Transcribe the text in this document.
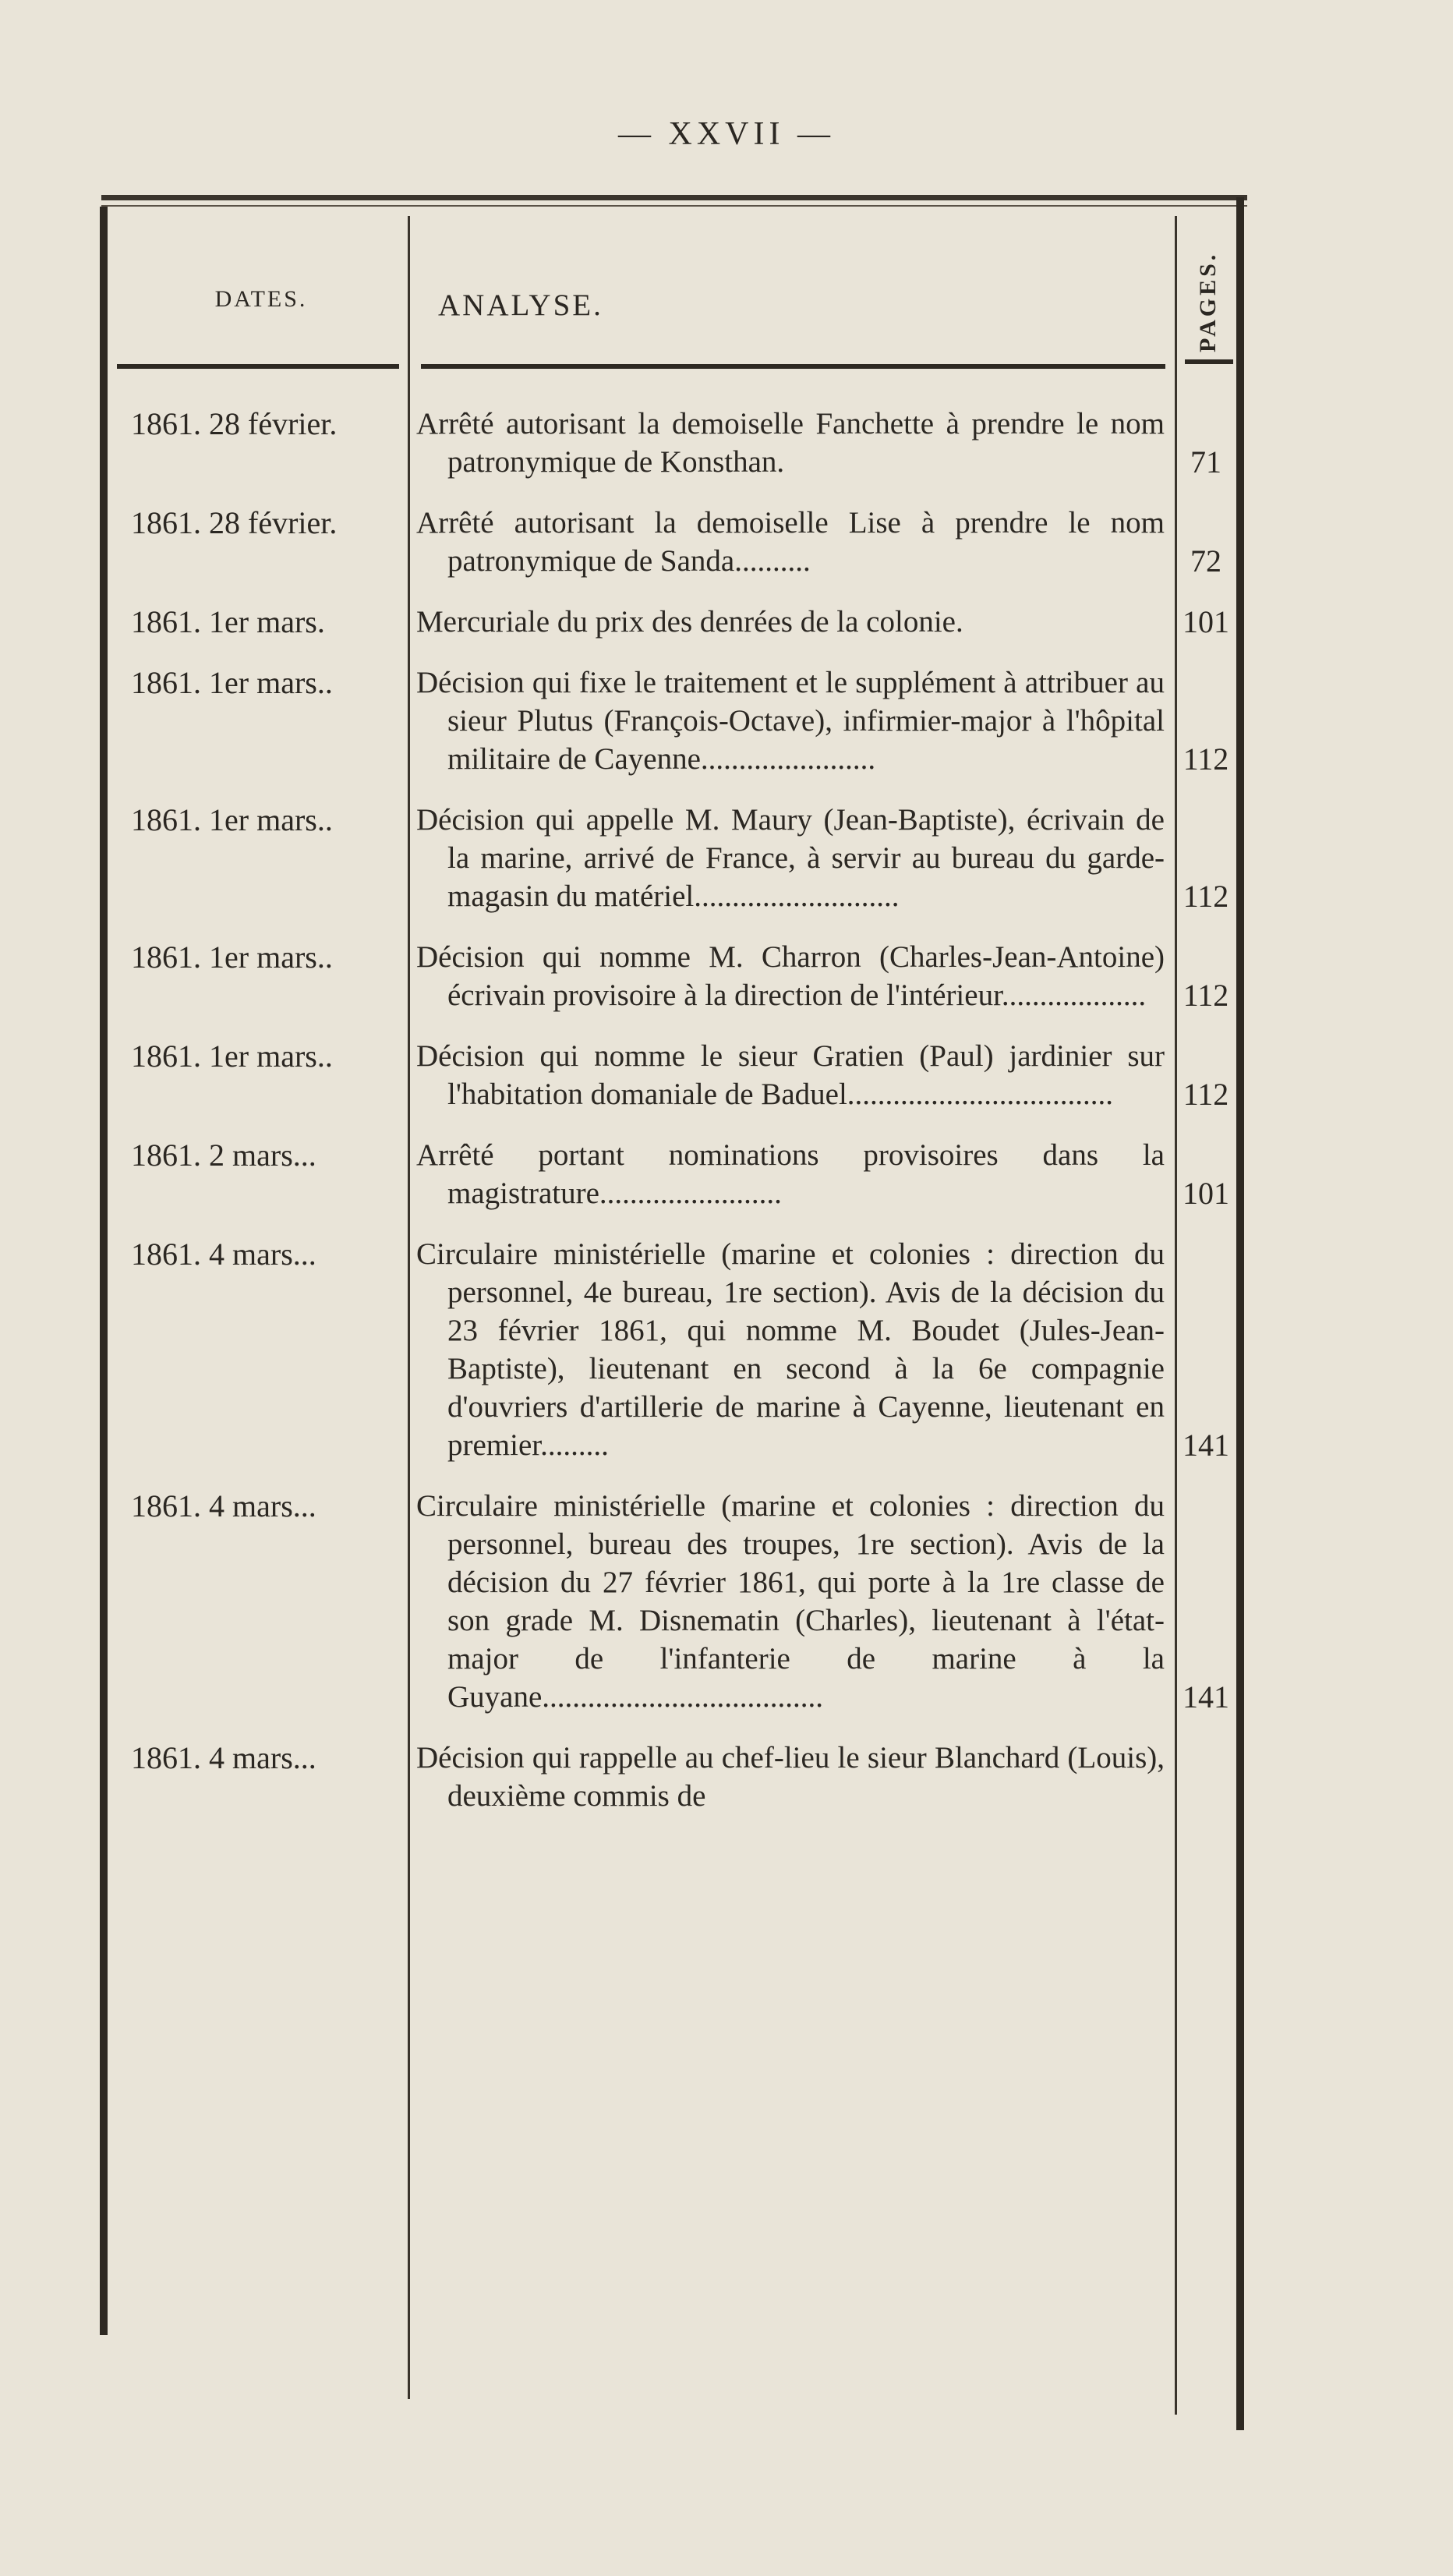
— XXVII —
DATES.	ANALYSE.	PAGES.
1861. 28 février.	Arrêté autorisant la demoiselle Fanchette à prendre le nom patronymique de Konsthan.	71
1861. 28 février.	Arrêté autorisant la demoiselle Lise à prendre le nom patronymique de Sanda..........	72
1861. 1er mars.	Mercuriale du prix des denrées de la colonie.	101
1861. 1er mars..	Décision qui fixe le traitement et le supplément à attribuer au sieur Plutus (François-Octave), infirmier-major à l'hôpital militaire de Cayenne.......................	112
1861. 1er mars..	Décision qui appelle M. Maury (Jean-Baptiste), écrivain de la marine, arrivé de France, à servir au bureau du garde-magasin du matériel...........................	112
1861. 1er mars..	Décision qui nomme M. Charron (Charles-Jean-Antoine) écrivain provisoire à la direction de l'intérieur...................	112
1861. 1er mars..	Décision qui nomme le sieur Gratien (Paul) jardinier sur l'habitation domaniale de Baduel...................................	112
1861. 2 mars...	Arrêté portant nominations provisoires dans la magistrature........................	101
1861. 4 mars...	Circulaire ministérielle (marine et colonies : direction du personnel, 4e bureau, 1re section). Avis de la décision du 23 février 1861, qui nomme M. Boudet (Jules-Jean-Baptiste), lieutenant en second à la 6e compagnie d'ouvriers d'artillerie de marine à Cayenne, lieutenant en premier.........	141
1861. 4 mars...	Circulaire ministérielle (marine et colonies : direction du personnel, bureau des troupes, 1re section). Avis de la décision du 27 février 1861, qui porte à la 1re classe de son grade M. Disnematin (Charles), lieutenant à l'état-major de l'infanterie de marine à la Guyane.....................................	141
1861. 4 mars...	Décision qui rappelle au chef-lieu le sieur Blanchard (Louis), deuxième commis de
